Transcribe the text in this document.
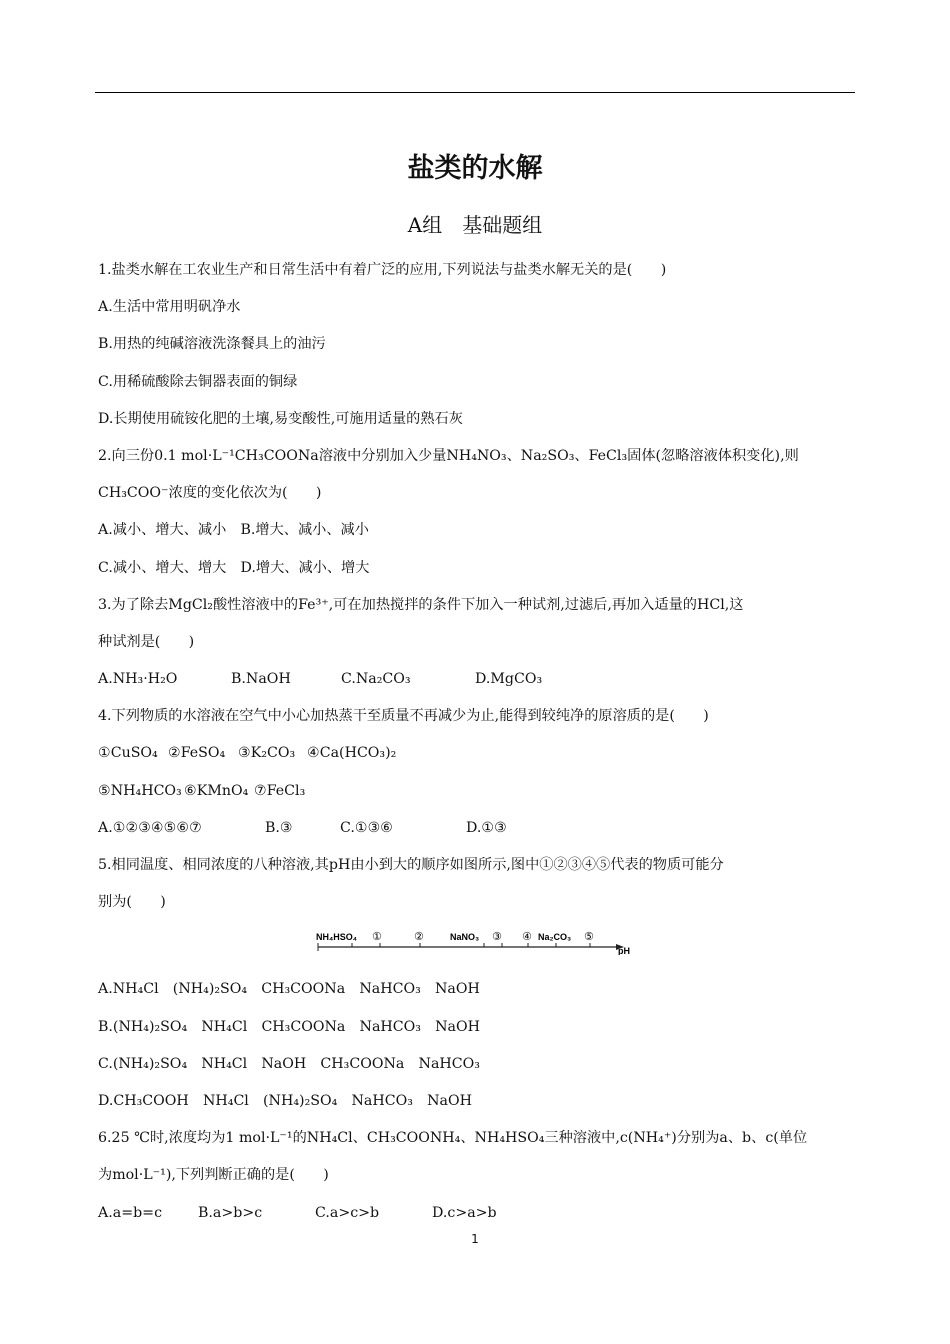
盐类的水解
A组　基础题组
1.盐类水解在工农业生产和日常生活中有着广泛的应用,下列说法与盐类水解无关的是(　　)
A.生活中常用明矾净水
B.用热的纯碱溶液洗涤餐具上的油污
C.用稀硫酸除去铜器表面的铜绿
D.长期使用硫铵化肥的土壤,易变酸性,可施用适量的熟石灰
2.向三份0.1 mol·L⁻¹CH₃COONa溶液中分别加入少量NH₄NO₃、Na₂SO₃、FeCl₃固体(忽略溶液体积变化),则
CH₃COO⁻浓度的变化依次为(　　)
A.减小、增大、减小　B.增大、减小、减小
C.减小、增大、增大　D.增大、减小、增大
3.为了除去MgCl₂酸性溶液中的Fe³⁺,可在加热搅拌的条件下加入一种试剂,过滤后,再加入适量的HCl,这
种试剂是(　　)
A.NH₃·H₂O	B.NaOH	C.Na₂CO₃	D.MgCO₃
4.下列物质的水溶液在空气中小心加热蒸干至质量不再减少为止,能得到较纯净的原溶质的是(　　)
①CuSO₄ ②FeSO₄ ③K₂CO₃ ④Ca(HCO₃)₂
⑤NH₄HCO₃ ⑥KMnO₄ ⑦FeCl₃
A.①②③④⑤⑥⑦	B.③	C.①③⑥	D.①③
5.相同温度、相同浓度的八种溶液,其pH由小到大的顺序如图所示,图中①②③④⑤代表的物质可能分
别为(　　)
NH₄HSO₄ ①	②	NaNO₃ ③ ④ Na₂CO₃ ⑤
pH
A.NH₄Cl　(NH₄)₂SO₄　CH₃COONa　NaHCO₃　NaOH
B.(NH₄)₂SO₄　NH₄Cl　CH₃COONa　NaHCO₃　NaOH
C.(NH₄)₂SO₄　NH₄Cl　NaOH　CH₃COONa　NaHCO₃
D.CH₃COOH　NH₄Cl　(NH₄)₂SO₄　NaHCO₃　NaOH
6.25 ℃时,浓度均为1 mol·L⁻¹的NH₄Cl、CH₃COONH₄、NH₄HSO₄三种溶液中,c(NH₄⁺)分别为a、b、c(单位
为mol·L⁻¹),下列判断正确的是(　　)
A.a=b=c	B.a>b>c	C.a>c>b	D.c>a>b
1
